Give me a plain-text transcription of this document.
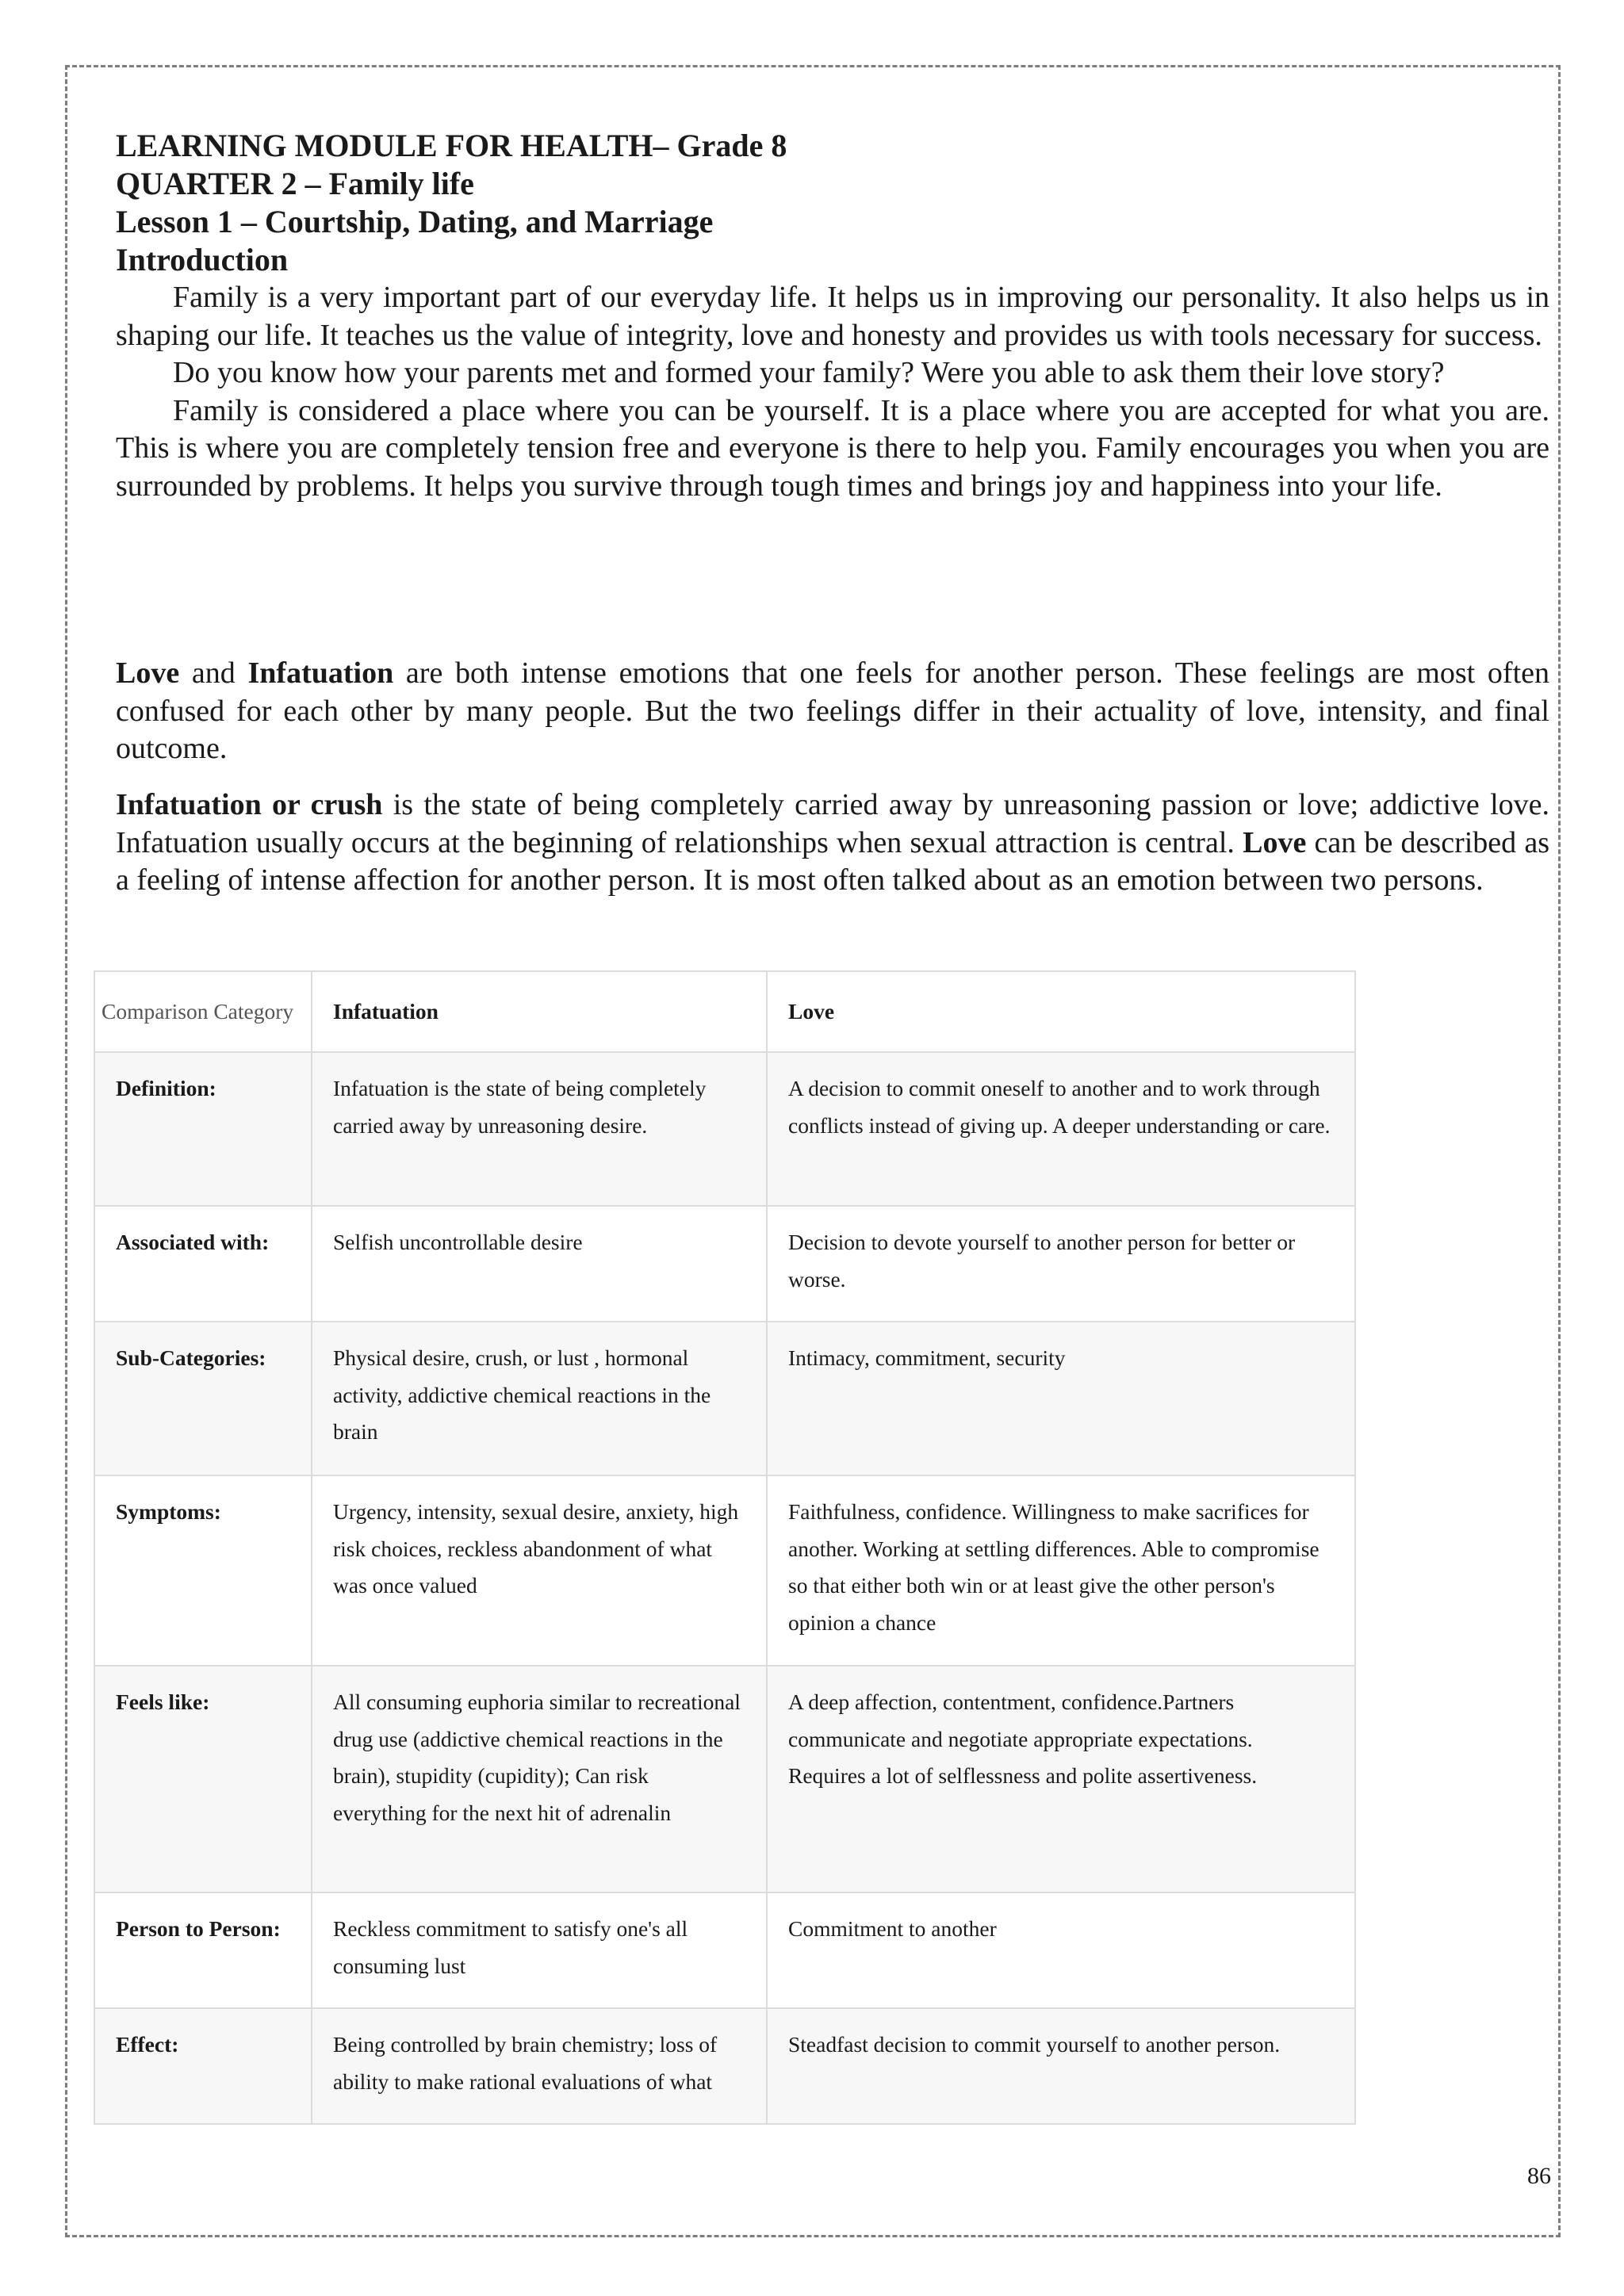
LEARNING MODULE FOR HEALTH– Grade 8
QUARTER 2 – Family life
Lesson 1 – Courtship, Dating, and Marriage
Introduction

Family is a very important part of our everyday life. It helps us in improving our personality. It also helps us in shaping our life. It teaches us the value of integrity, love and honesty and provides us with tools necessary for success.

Do you know how your parents met and formed your family? Were you able to ask them their love story?

Family is considered a place where you can be yourself. It is a place where you are accepted for what you are. This is where you are completely tension free and everyone is there to help you. Family encourages you when you are surrounded by problems. It helps you survive through tough times and brings joy and happiness into your life.

Love and Infatuation are both intense emotions that one feels for another person. These feelings are most often confused for each other by many people. But the two feelings differ in their actuality of love, intensity, and final outcome.

Infatuation or crush is the state of being completely carried away by unreasoning passion or love; addictive love. Infatuation usually occurs at the beginning of relationships when sexual attraction is central. Love can be described as a feeling of intense affection for another person. It is most often talked about as an emotion between two persons.

Comparison Category	Infatuation	Love
Definition:	Infatuation is the state of being completely carried away by unreasoning desire.	A decision to commit oneself to another and to work through conflicts instead of giving up. A deeper understanding or care.
Associated with:	Selfish uncontrollable desire	Decision to devote yourself to another person for better or worse.
Sub-Categories:	Physical desire, crush, or lust , hormonal activity, addictive chemical reactions in the brain	Intimacy, commitment, security
Symptoms:	Urgency, intensity, sexual desire, anxiety, high risk choices, reckless abandonment of what was once valued	Faithfulness, confidence. Willingness to make sacrifices for another. Working at settling differences. Able to compromise so that either both win or at least give the other person's opinion a chance
Feels like:	All consuming euphoria similar to recreational drug use (addictive chemical reactions in the brain), stupidity (cupidity); Can risk everything for the next hit of adrenalin	A deep affection, contentment, confidence.Partners communicate and negotiate appropriate expectations. Requires a lot of selflessness and polite assertiveness.
Person to Person:	Reckless commitment to satisfy one's all consuming lust	Commitment to another
Effect:	Being controlled by brain chemistry; loss of ability to make rational evaluations of what	Steadfast decision to commit yourself to another person.
86
